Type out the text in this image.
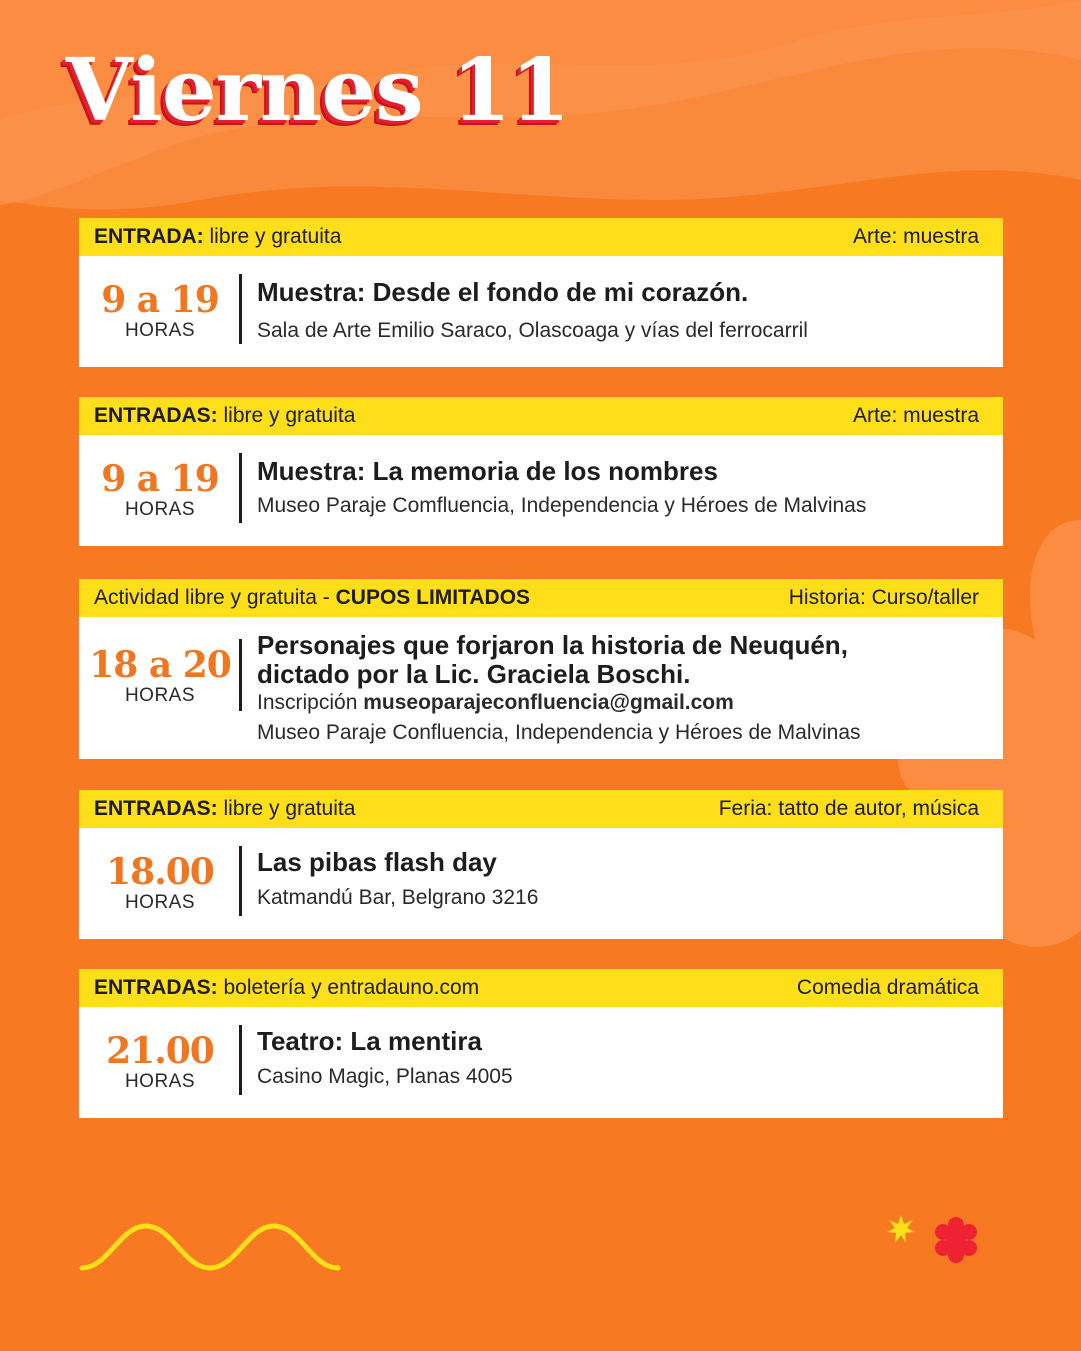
Viernes 11
ENTRADA: libre y gratuita	Arte: muestra
9 a 19
HORAS

Muestra: Desde el fondo de mi corazón.

Sala de Arte Emilio Saraco, Olascoaga y vías del ferrocarril

ENTRADAS: libre y gratuita	Arte: muestra
9 a 19
HORAS

Muestra: La memoria de los nombres

Museo Paraje Comfluencia, Independencia y Héroes de Malvinas

Actividad libre y gratuita - CUPOS LIMITADOS	Historia: Curso/taller
18 a 20
HORAS

Personajes que forjaron la historia de Neuquén,

dictado por la Lic. Graciela Boschi.

Inscripción museoparajeconfluencia@gmail.com

Museo Paraje Confluencia, Independencia y Héroes de Malvinas

ENTRADAS: libre y gratuita	Feria: tatto de autor, música
18.00
HORAS

Las pibas flash day

Katmandú Bar, Belgrano 3216

ENTRADAS: boletería y entradauno.com	Comedia dramática
21.00
HORAS

Teatro: La mentira

Casino Magic, Planas 4005
